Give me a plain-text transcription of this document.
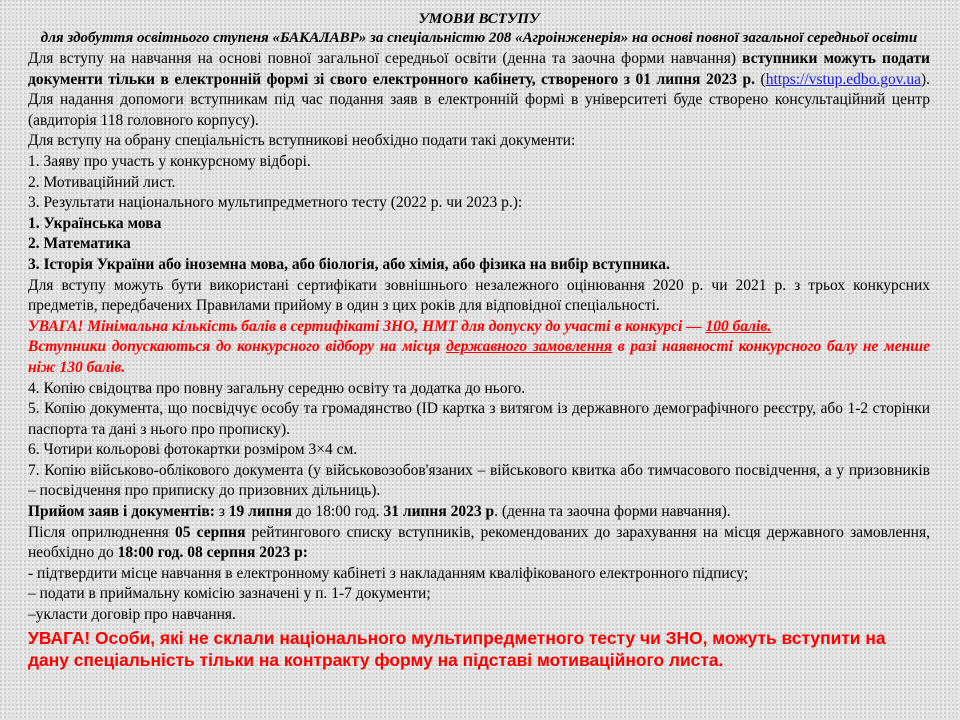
УМОВИ ВСТУПУ

для здобуття освітнього ступеня «БАКАЛАВР» за спеціальністю 208 «Агроінженерія» на основі повної загальної середньої освіти

Для вступу на навчання на основі повної загальної середньої освіти (денна та заочна форми навчання) вступники можуть подати документи тільки в електронній формі зі свого електронного кабінету, створеного з 01 липня 2023 р. (https://vstup.edbo.gov.ua). Для надання допомоги вступникам під час подання заяв в електронній формі в університеті буде створено консультаційний центр (авдиторія 118 головного корпусу).

Для вступу на обрану спеціальність вступникові необхідно подати такі документи:

1. Заяву про участь у конкурсному відборі.

2. Мотиваційний лист.

3. Результати національного мультипредметного тесту (2022 р. чи 2023 р.):

1. Українська мова

2. Математика

3. Історія України або іноземна мова, або біологія, або хімія, або фізика на вибір вступника.

Для вступу можуть бути використані сертифікати зовнішнього незалежного оцінювання 2020 р. чи 2021 р. з трьох конкурсних предметів, передбачених Правилами прийому в один з цих років для відповідної спеціальності.

УВАГА! Мінімальна кількість балів в сертифікаті ЗНО, НМТ для допуску до участі в конкурсі — 100 балів.

Вступники допускаються до конкурсного відбору на місця державного замовлення в разі наявності конкурсного балу не менше ніж 130 балів.

4. Копію свідоцтва про повну загальну середню освіту та додатка до нього.

5. Копію документа, що посвідчує особу та громадянство (ID картка з витягом із державного демографічного реєстру, або 1-2 сторінки паспорта та дані з нього про прописку).

6. Чотири кольорові фотокартки розміром 3×4 см.

7. Копію військово-облікового документа (у військовозобов'язаних – військового квитка або тимчасового посвідчення, а у призовників – посвідчення про приписку до призовних дільниць).

Прийом заяв і документів: з 19 липня до 18:00 год. 31 липня 2023 р. (денна та заочна форми навчання).

Після оприлюднення 05 серпня рейтингового списку вступників, рекомендованих до зарахування на місця державного замовлення, необхідно до 18:00 год. 08 серпня 2023 р:

- підтвердити місце навчання в електронному кабінеті з накладанням кваліфікованого електронного підпису;

– подати в приймальну комісію зазначені у п. 1-7 документи;

–укласти договір про навчання.

УВАГА! Особи, які не склали національного мультипредметного тесту чи ЗНО, можуть вступити на дану спеціальність тільки на контракту форму на підставі мотиваційного листа.
